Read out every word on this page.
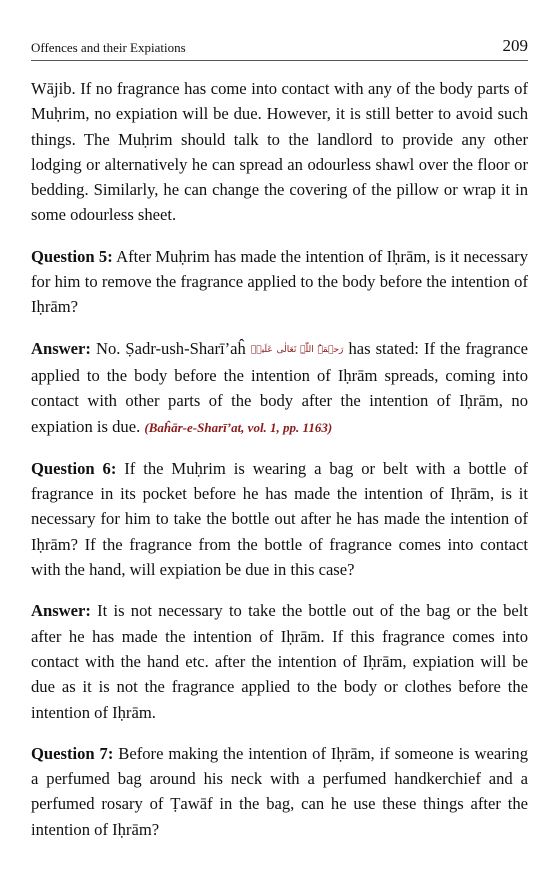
Offences and their Expiations	209

Wājib. If no fragrance has come into contact with any of the body parts of Muḥrim, no expiation will be due. However, it is still better to avoid such things. The Muḥrim should talk to the landlord to provide any other lodging or alternatively he can spread an odourless shawl over the floor or bedding. Similarly, he can change the covering of the pillow or wrap it in some odourless sheet.

Question 5: After Muḥrim has made the intention of Iḥrām, is it necessary for him to remove the fragrance applied to the body before the intention of Iḥrām?

Answer: No. Ṣadr-ush-Sharī’aĥ رَحۡمَۃُ اللّٰہِ تَعَالٰی عَلَیۡہ has stated: If the fragrance applied to the body before the intention of Iḥrām spreads, coming into contact with other parts of the body after the intention of Iḥrām, no expiation is due. (Baĥār-e-Sharī’at, vol. 1, pp. 1163)

Question 6: If the Muḥrim is wearing a bag or belt with a bottle of fragrance in its pocket before he has made the intention of Iḥrām, is it necessary for him to take the bottle out after he has made the intention of Iḥrām? If the fragrance from the bottle of fragrance comes into contact with the hand, will expiation be due in this case?

Answer: It is not necessary to take the bottle out of the bag or the belt after he has made the intention of Iḥrām. If this fragrance comes into contact with the hand etc. after the intention of Iḥrām, expiation will be due as it is not the fragrance applied to the body or clothes before the intention of Iḥrām.

Question 7: Before making the intention of Iḥrām, if someone is wearing a perfumed bag around his neck with a perfumed handkerchief and a perfumed rosary of Ṭawāf in the bag, can he use these things after the intention of Iḥrām?
